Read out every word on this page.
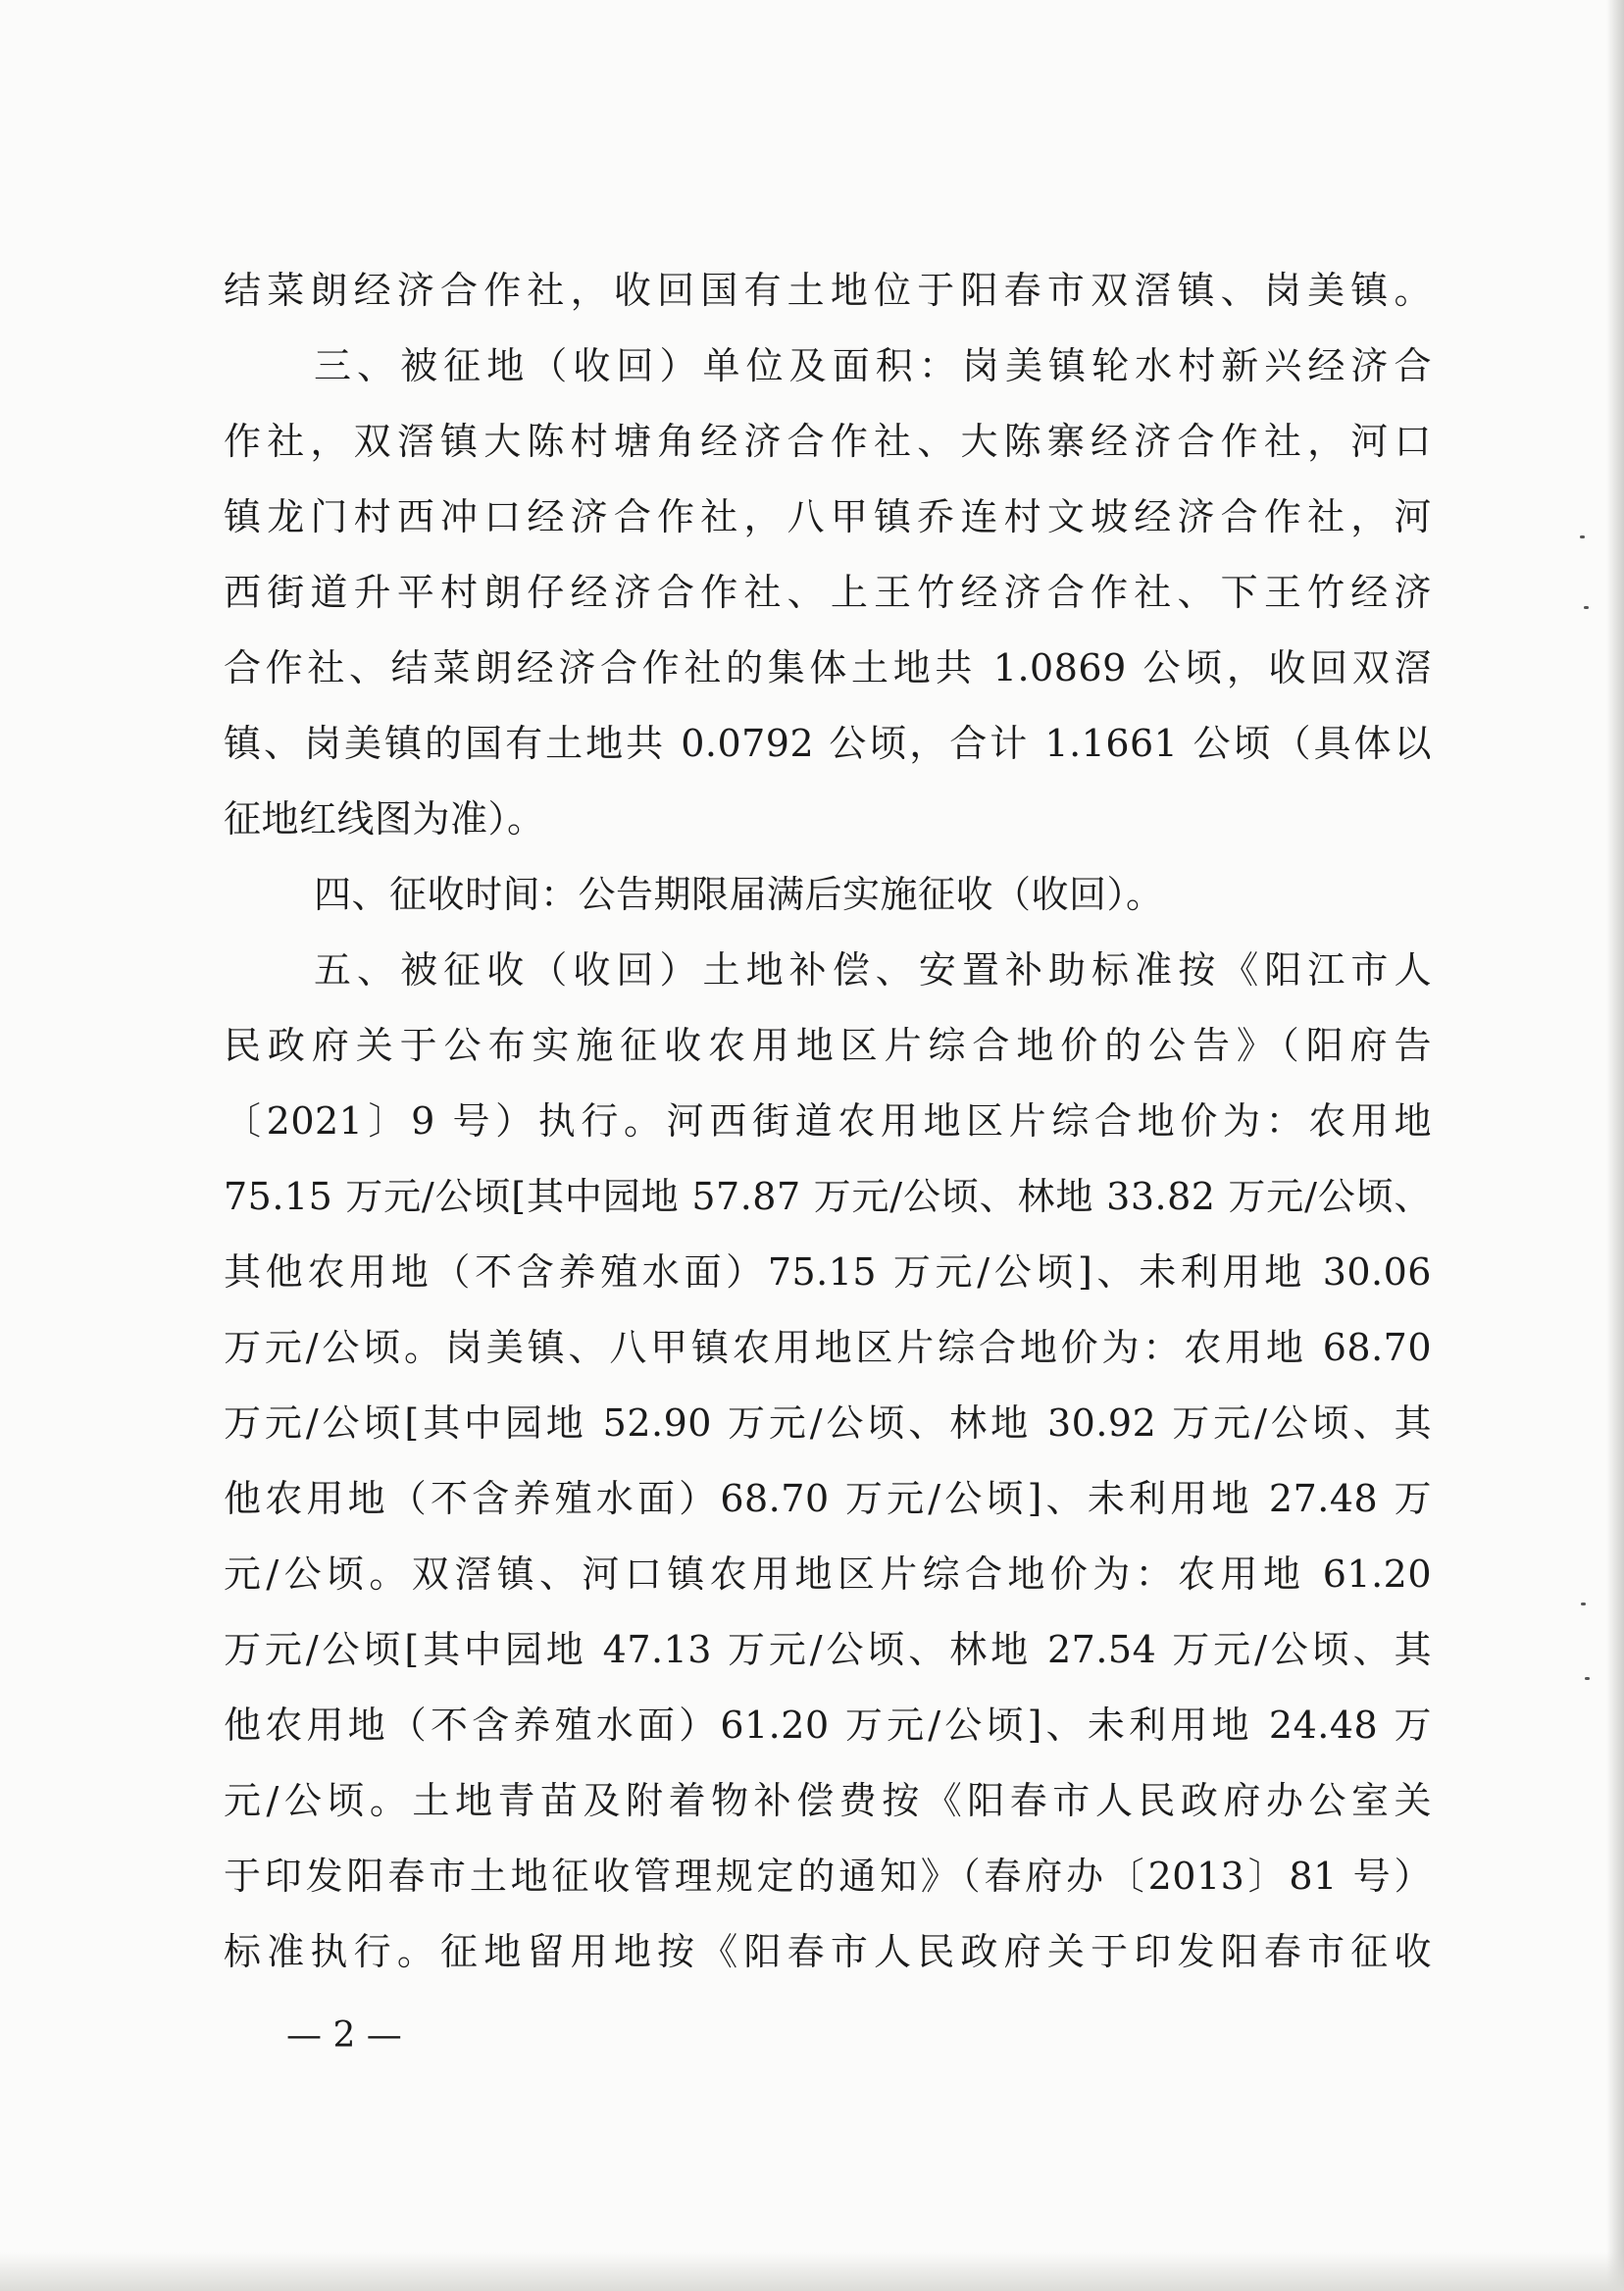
结菜朗经济合作社，收回国有土地位于阳春市双滘镇、岗美镇。
三、被征地（收回）单位及面积：岗美镇轮水村新兴经济合
作社，双滘镇大陈村塘角经济合作社、大陈寨经济合作社，河口
镇龙门村西冲口经济合作社，八甲镇乔连村文坡经济合作社，河
西街道升平村朗仔经济合作社、上王竹经济合作社、下王竹经济
合作社、结菜朗经济合作社的集体土地共 1.0869 公顷，收回双滘
镇、岗美镇的国有土地共 0.0792 公顷，合计 1.1661 公顷（具体以
征地红线图为准）。
四、征收时间：公告期限届满后实施征收（收回）。
五、被征收（收回）土地补偿、安置补助标准按《阳江市人
民政府关于公布实施征收农用地区片综合地价的公告》（阳府告
〔2021〕9 号）执行。河西街道农用地区片综合地价为：农用地
75.15 万元/公顷[其中园地 57.87 万元/公顷、林地 33.82 万元/公顷、
其他农用地（不含养殖水面）75.15 万元/公顷]、未利用地 30.06
万元/公顷。岗美镇、八甲镇农用地区片综合地价为：农用地 68.70
万元/公顷[其中园地 52.90 万元/公顷、林地 30.92 万元/公顷、其
他农用地（不含养殖水面）68.70 万元/公顷]、未利用地 27.48 万
元/公顷。双滘镇、河口镇农用地区片综合地价为：农用地 61.20
万元/公顷[其中园地 47.13 万元/公顷、林地 27.54 万元/公顷、其
他农用地（不含养殖水面）61.20 万元/公顷]、未利用地 24.48 万
元/公顷。土地青苗及附着物补偿费按《阳春市人民政府办公室关
于印发阳春市土地征收管理规定的通知》（春府办〔2013〕81 号）
标准执行。征地留用地按《阳春市人民政府关于印发阳春市征收
— 2 —
